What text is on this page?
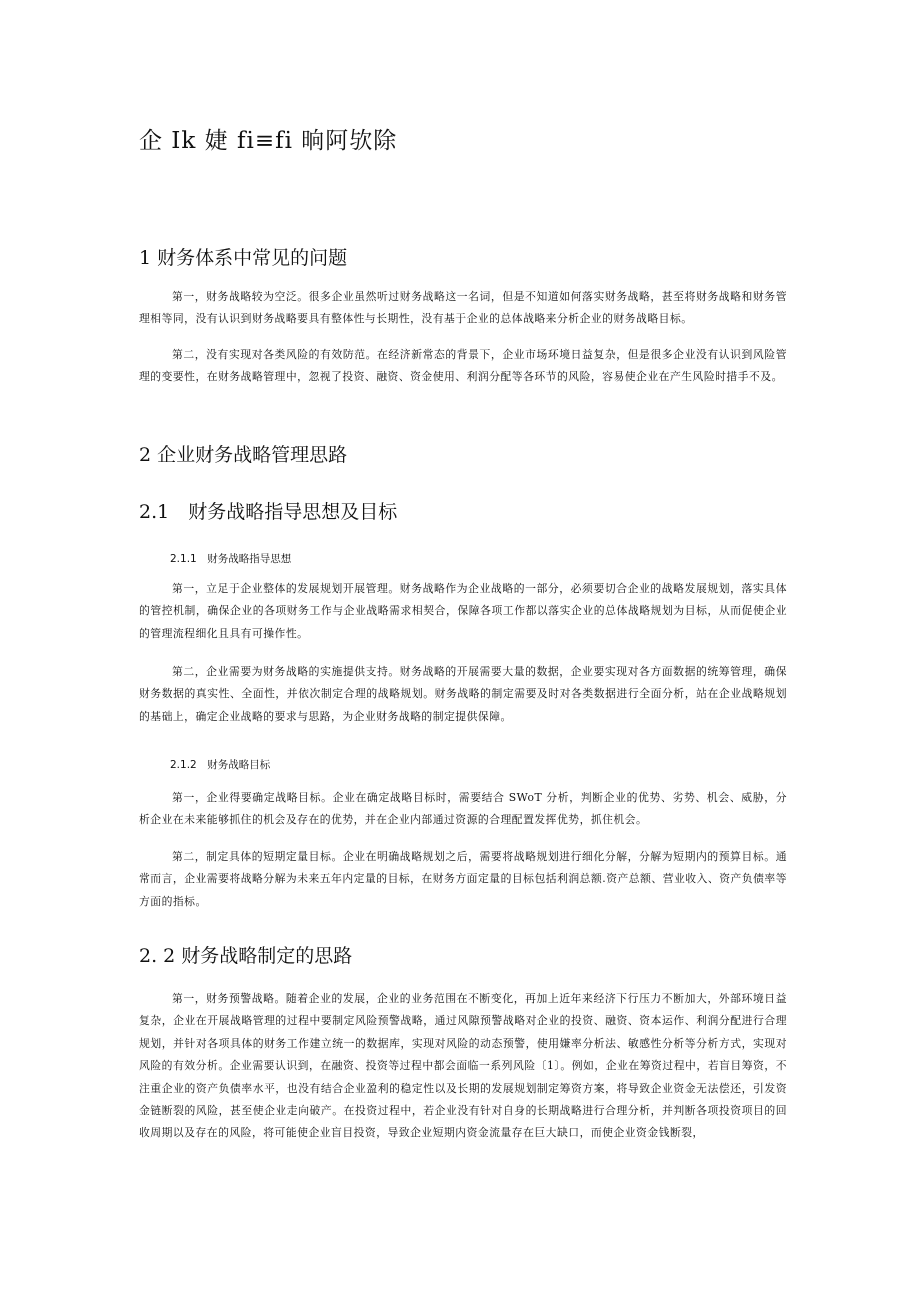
企 Ik 婕 fi≡fi 晌阿欤除
1 财务体系中常见的问题
第一，财务战略较为空泛。很多企业虽然听过财务战略这一名词，但是不知道如何落实财务战略，甚至将财务战略和财务管理相等同，没有认识到财务战略要具有整体性与长期性，没有基于企业的总体战略来分析企业的财务战略目标。
第二，没有实现对各类风险的有效防范。在经济新常态的背景下，企业市场环境日益复杂，但是很多企业没有认识到风险管理的变要性，在财务战略管理中，忽视了投资、融资、资金使用、利润分配等各环节的风险，容易使企业在产生风险时措手不及。
2 企业财务战略管理思路
2.1　财务战略指导思想及目标
2.1.1　财务战略指导思想
第一，立足于企业整体的发展规划开展管理。财务战略作为企业战略的一部分，必须要切合企业的战略发展规划，落实具体的管控机制，确保企业的各项财务工作与企业战略需求相契合，保障各项工作都以落实企业的总体战略规划为目标，从而促使企业的管理流程细化且具有可操作性。
第二，企业需要为财务战略的实施提供支持。财务战略的开展需要大量的数据，企业要实现对各方面数据的统筹管理，确保财务数据的真实性、全面性，并依次制定合理的战略规划。财务战略的制定需要及时对各类数据进行全面分析，站在企业战略规划的基础上，确定企业战略的要求与思路，为企业财务战略的制定提供保障。
2.1.2　财务战略目标
第一，企业得要确定战略目标。企业在确定战略目标时，需要结合 SWoT 分析，判断企业的优势、劣势、机会、威胁，分析企业在未来能够抓住的机会及存在的优势，并在企业内部通过资源的合理配置发挥优势，抓住机会。
第二，制定具体的短期定量目标。企业在明确战略规划之后，需要将战略规划进行细化分解，分解为短期内的预算目标。通常而言，企业需要将战略分解为未来五年内定量的目标，在财务方面定量的目标包括利润总额.资产总额、营业收入、资产负债率等方面的指标。
2. 2 财务战略制定的思路
第一，财务预警战略。随着企业的发展，企业的业务范围在不断变化，再加上近年来经济下行压力不断加大，外部环境日益复杂，企业在开展战略管理的过程中要制定风险预警战略，通过风隙预警战略对企业的投资、融资、资本运作、利润分配进行合理规划，并针对各项具体的财务工作建立统一的数据库，实现对风险的动态预警，使用嫌率分析法、敏感性分析等分析方式，实现对风险的有效分析。企业需要认识到，在融资、投资等过程中都会面临一系列风险〔1〕。例如，企业在筹资过程中，若盲目筹资，不注重企业的资产负债率水平，也没有结合企业盈利的稳定性以及长期的发展规划制定筹资方案，将导致企业资金无法偿还，引发资金链断裂的风险，甚至使企业走向破产。在投资过程中，若企业没有针对自身的长期战略进行合理分析，并判断各项投资项目的回收周期以及存在的风险，将可能使企业盲目投资，导致企业短期内资金流量存在巨大缺口，而使企业资金钱断裂，
